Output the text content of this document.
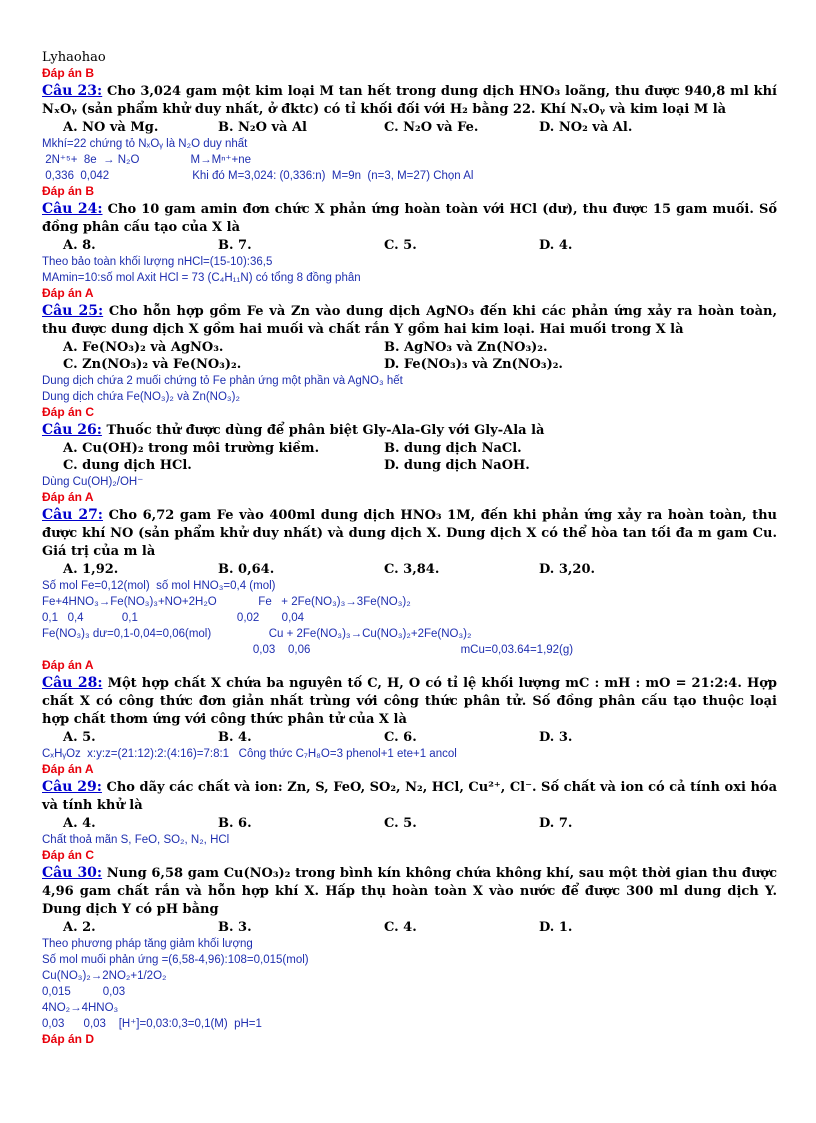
Lyhaohao
Đáp án B
Câu 23: Cho 3,024 gam một kim loại M tan hết trong dung dịch HNO₃ loãng, thu được 940,8 ml khí NₓOᵧ (sản phẩm khử duy nhất, ở đktc) có tỉ khối đối với H₂ bằng 22. Khí NₓOᵧ và kim loại M là
A. NO và Mg.	B. N₂O và Al	C. N₂O và Fe.	D. NO₂ và Al.
Mkhí=22 chứng tỏ NₓOᵧ là N₂O duy nhất
2N⁺⁵+  8e  → N₂O                M→Mⁿ⁺+ne
0,336  0,042                          Khi đó M=3,024: (0,336:n)  M=9n  (n=3, M=27) Chọn Al
Đáp án B
Câu 24: Cho 10 gam amin đơn chức X phản ứng hoàn toàn với HCl (dư), thu được 15 gam muối. Số đồng phân cấu tạo của X là
A. 8.	B. 7.	C. 5.	D. 4.
Theo bảo toàn khối lượng nHCl=(15-10):36,5
MAmin=10:số mol Axit HCl = 73 (C₄H₁₁N) có tổng 8 đồng phân
Đáp án A
Câu 25: Cho hỗn hợp gồm Fe và Zn vào dung dịch AgNO₃ đến khi các phản ứng xảy ra hoàn toàn, thu được dung dịch X gồm hai muối và chất rắn Y gồm hai kim loại. Hai muối trong X là
A. Fe(NO₃)₂ và AgNO₃.	B. AgNO₃ và Zn(NO₃)₂.
C. Zn(NO₃)₂ và Fe(NO₃)₂.	D. Fe(NO₃)₃ và Zn(NO₃)₂.
Dung dịch chứa 2 muối chứng tỏ Fe phản ứng một phần và AgNO₃ hết
Dung dịch chứa Fe(NO₃)₂ và Zn(NO₃)₂
Đáp án C
Câu 26: Thuốc thử được dùng để phân biệt Gly-Ala-Gly với Gly-Ala là
A. Cu(OH)₂ trong môi trường kiềm.	B. dung dịch NaCl.
C. dung dịch HCl.	D. dung dịch NaOH.
Dùng Cu(OH)₂/OH⁻
Đáp án A
Câu 27: Cho 6,72 gam Fe vào 400ml dung dịch HNO₃ 1M, đến khi phản ứng xảy ra hoàn toàn, thu được khí NO (sản phẩm khử duy nhất) và dung dịch X. Dung dịch X có thể hòa tan tối đa m gam Cu. Giá trị của m là
A. 1,92.	B. 0,64.	C. 3,84.	D. 3,20.
Số mol Fe=0,12(mol)  số mol HNO₃=0,4 (mol)
Fe+4HNO₃→Fe(NO₃)₃+NO+2H₂O             Fe   + 2Fe(NO₃)₃→3Fe(NO₃)₂
0,1   0,4            0,1                               0,02       0,04
Fe(NO₃)₃ dư=0,1-0,04=0,06(mol)                  Cu + 2Fe(NO₃)₃→Cu(NO₃)₂+2Fe(NO₃)₂
0,03    0,06                                               mCu=0,03.64=1,92(g)
Đáp án A
Câu 28: Một hợp chất X chứa ba nguyên tố C, H, O có tỉ lệ khối lượng mC : mH : mO = 21:2:4. Hợp chất X có công thức đơn giản nhất trùng với công thức phân tử. Số đồng phân cấu tạo thuộc loại hợp chất thơm ứng với công thức phân tử của X là
A. 5.	B. 4.	C. 6.	D. 3.
CₓHᵧOz  x:y:z=(21:12):2:(4:16)=7:8:1   Công thức C₇H₈O=3 phenol+1 ete+1 ancol
Đáp án A
Câu 29: Cho dãy các chất và ion: Zn, S, FeO, SO₂, N₂, HCl, Cu²⁺, Cl⁻. Số chất và ion có cả tính oxi hóa và tính khử là
A. 4.	B. 6.	C. 5.	D. 7.
Chất thoả mãn S, FeO, SO₂, N₂, HCl
Đáp án C
Câu 30: Nung 6,58 gam Cu(NO₃)₂ trong bình kín không chứa không khí, sau một thời gian thu được 4,96 gam chất rắn và hỗn hợp khí X. Hấp thụ hoàn toàn X vào nước để được 300 ml dung dịch Y. Dung dịch Y có pH bằng
A. 2.	B. 3.	C. 4.	D. 1.
Theo phương pháp tăng giảm khối lượng
Số mol muối phản ứng =(6,58-4,96):108=0,015(mol)
Cu(NO₃)₂→2NO₂+1/2O₂
0,015          0,03
4NO₂→4HNO₃
0,03      0,03    [H⁺]=0,03:0,3=0,1(M)  pH=1
Đáp án D
